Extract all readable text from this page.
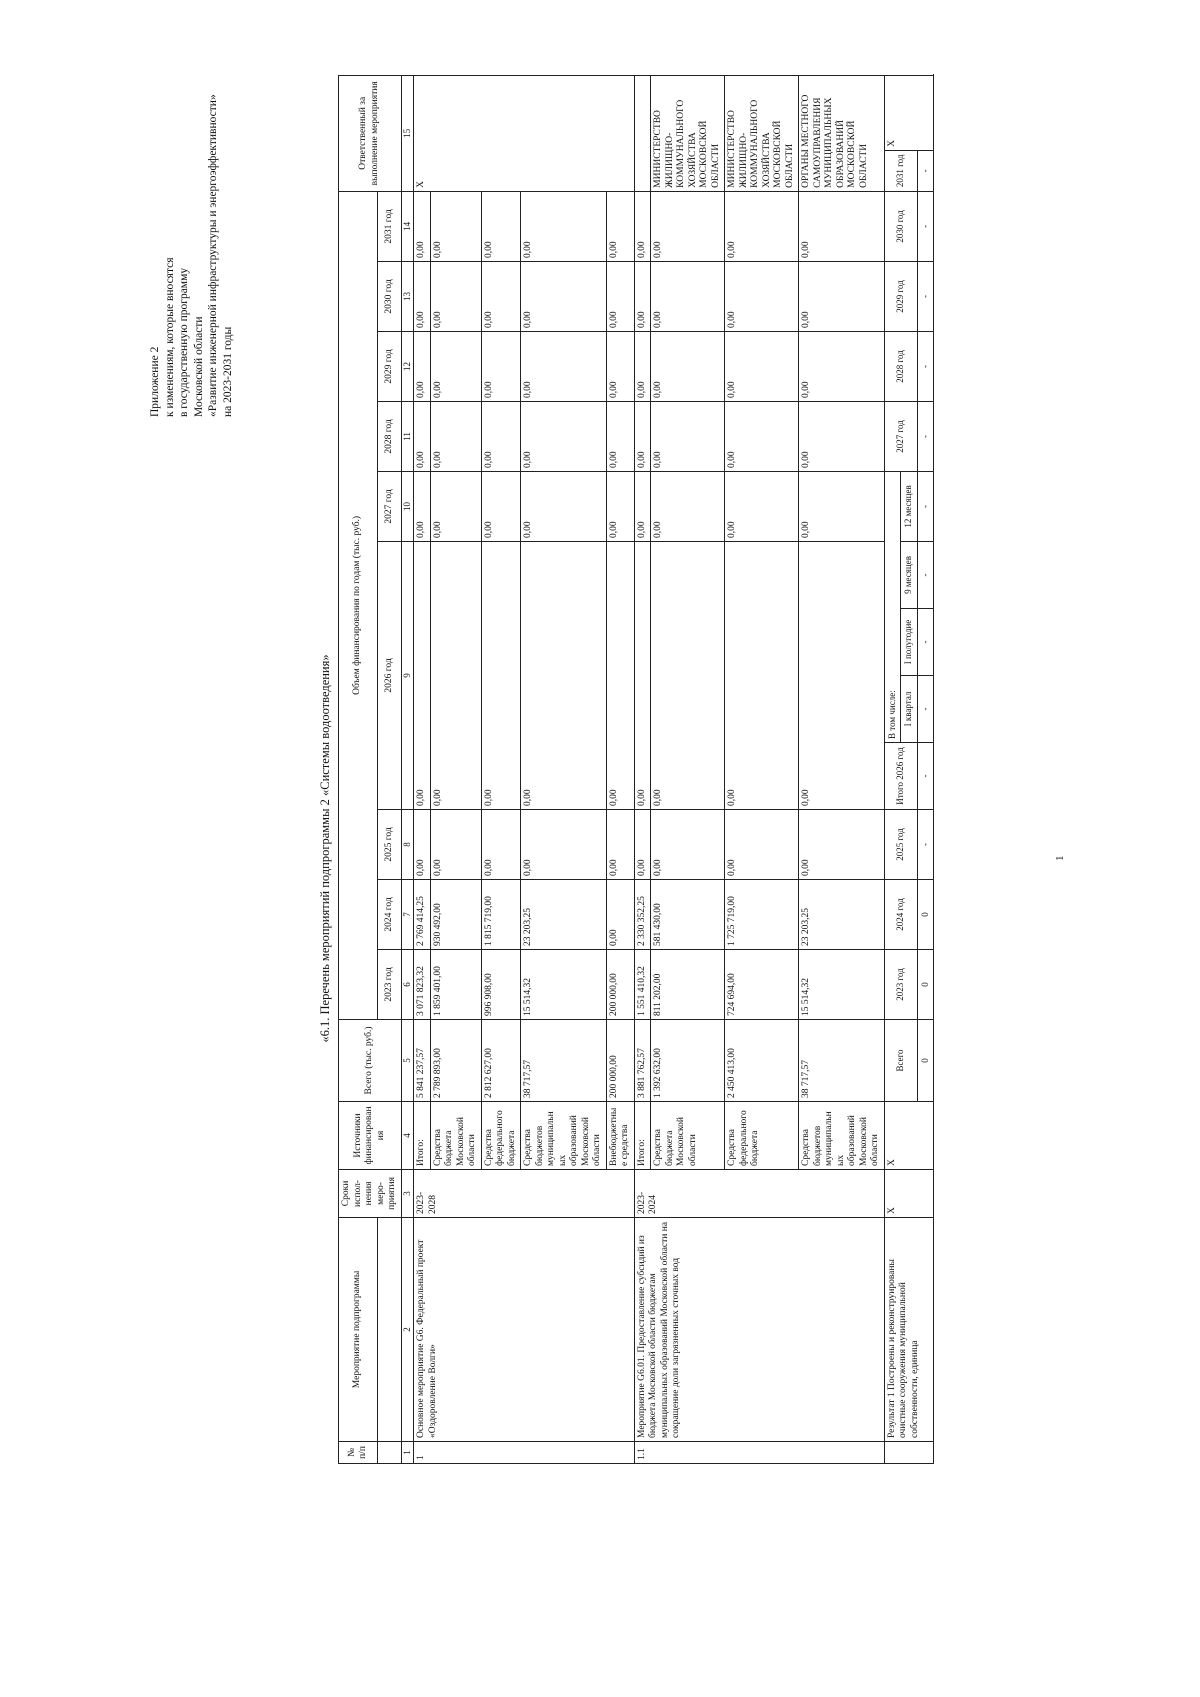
Приложение 2 к изменениям, которые вносятся в государственную программу Московской области «Развитие инженерной инфраструктуры и энергоэффективности» на 2023-2031 годы
«6.1. Перечень мероприятий подпрограммы 2 «Системы водоотведения»
№ п/п	Мероприятие подпрограммы	Сроки испол-нения меро-приятия	Источники финансирования	Всего (тыс. руб.)	Объем финансирования по годам (тыс. руб.)												Ответственный за выполнение мероприятия	
					2023 год	2024 год	2025 год	2026 год				2027 год	2028 год	2029 год	2030 год	2031 год		
1	2	3	4	5	6	7	8	9				10	11	12	13	14	15	
1	Основное мероприятие G6. Федеральный проект «Оздоровление Волги»	2023-2028	Итого:	5 841 237,57	3 071 823,32	2 769 414,25	0,00	0,00				0,00	0,00	0,00	0,00	0,00	X	
			Средства бюджета Московской области	2 789 893,00	1 859 401,00	930 492,00	0,00	0,00				0,00	0,00	0,00	0,00	0,00		
			Средства федерального бюджета	2 812 627,00	996 908,00	1 815 719,00	0,00	0,00				0,00	0,00	0,00	0,00	0,00		
			Средства бюджетов муниципальных образований Московской области	38 717,57	15 514,32	23 203,25	0,00	0,00				0,00	0,00	0,00	0,00	0,00		
			Внебюджетные средства	200 000,00	200 000,00	0,00	0,00	0,00				0,00	0,00	0,00	0,00	0,00		
1.1	Мероприятие G6.01. Предоставление субсидий из бюджета Московской области бюджетам муниципальных образований Московской области на сокращение доли загрязненных сточных вод	2023-2024	Итого:	3 881 762,57	1 551 410,32	2 330 352,25	0,00	0,00				0,00	0,00	0,00	0,00	0,00		
			Средства бюджета Московской области	1 392 632,00	811 202,00	581 430,00	0,00	0,00				0,00	0,00	0,00	0,00	0,00	МИНИСТЕРСТВО ЖИЛИЩНО-КОММУНАЛЬНОГО ХОЗЯЙСТВА МОСКОВСКОЙ ОБЛАСТИ	
			Средства федерального бюджета	2 450 413,00	724 694,00	1 725 719,00	0,00	0,00				0,00	0,00	0,00	0,00	0,00	МИНИСТЕРСТВО ЖИЛИЩНО-КОММУНАЛЬНОГО ХОЗЯЙСТВА МОСКОВСКОЙ ОБЛАСТИ	
			Средства бюджетов муниципальных образований Московской области	38 717,57	15 514,32	23 203,25	0,00	0,00				0,00	0,00	0,00	0,00	0,00	ОРГАНЫ МЕСТНОГО САМОУПРАВЛЕНИЯ МУНИЦИПАЛЬНЫХ ОБРАЗОВАНИЙ МОСКОВСКОЙ ОБЛАСТИ	
	Результат 1 Построены и реконструированы очистные сооружения муниципальной собственности, единица	X	X	Всего	2023 год	2024 год	2025 год	Итого 2026 год	В том числе:				2027 год	2028 год	2029 год	2030 год	2031 год	X
									I квартал	I полугодие	9 месяцев	12 месяцев						
				0	0	0	-	-	-	-	-	-	-	-	-	-	-	
1
